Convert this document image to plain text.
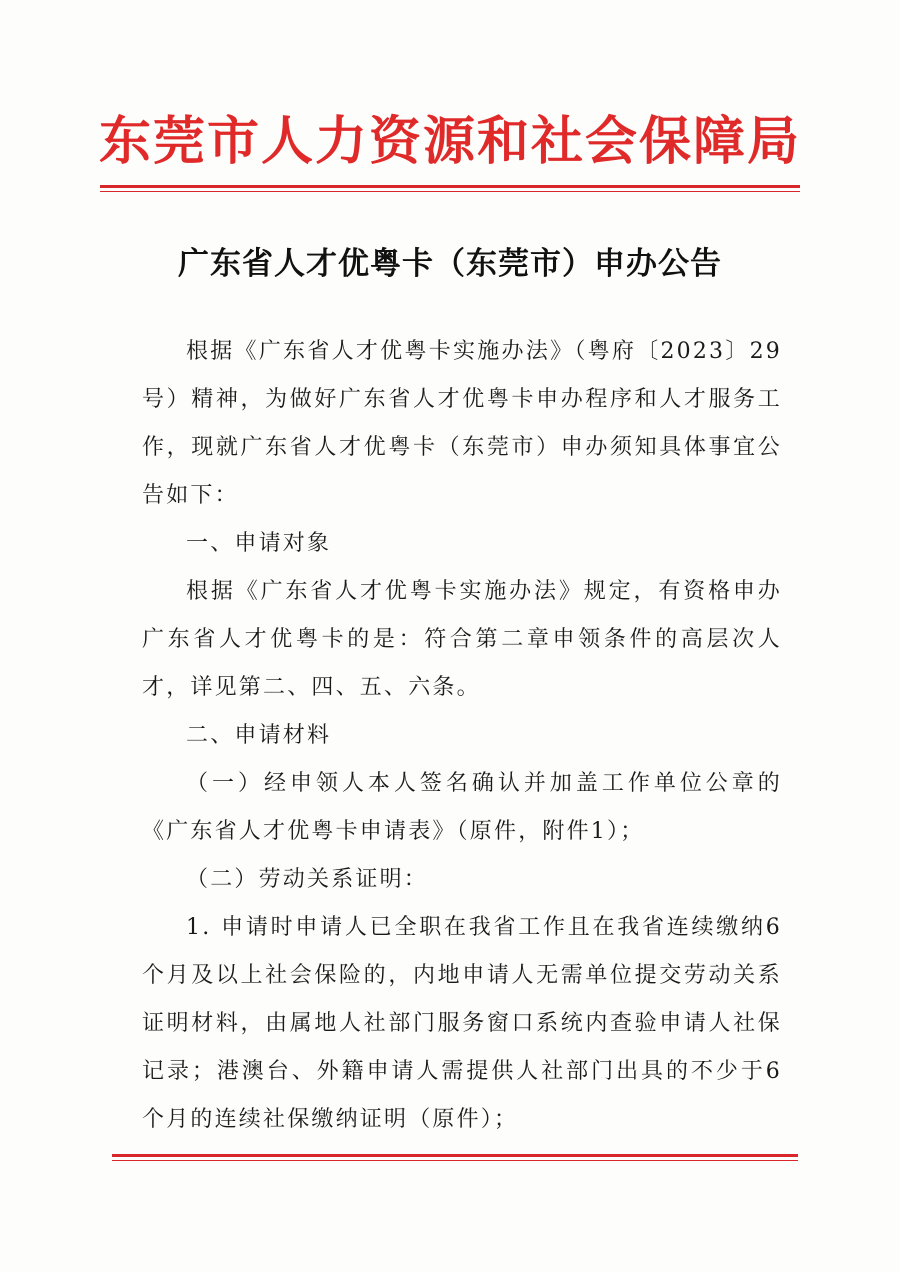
东莞市人力资源和社会保障局
广东省人才优粤卡（东莞市）申办公告

根据《广东省人才优粤卡实施办法》（粤府〔2023〕29号）精神，为做好广东省人才优粤卡申办程序和人才服务工作，现就广东省人才优粤卡（东莞市）申办须知具体事宜公告如下：

一、申请对象

根据《广东省人才优粤卡实施办法》规定，有资格申办广东省人才优粤卡的是：符合第二章申领条件的高层次人才，详见第二、四、五、六条。

二、申请材料

（一）经申领人本人签名确认并加盖工作单位公章的《广东省人才优粤卡申请表》（原件，附件1）；

（二）劳动关系证明：

1. 申请时申请人已全职在我省工作且在我省连续缴纳6个月及以上社会保险的，内地申请人无需单位提交劳动关系证明材料，由属地人社部门服务窗口系统内查验申请人社保记录；港澳台、外籍申请人需提供人社部门出具的不少于6个月的连续社保缴纳证明（原件）；
